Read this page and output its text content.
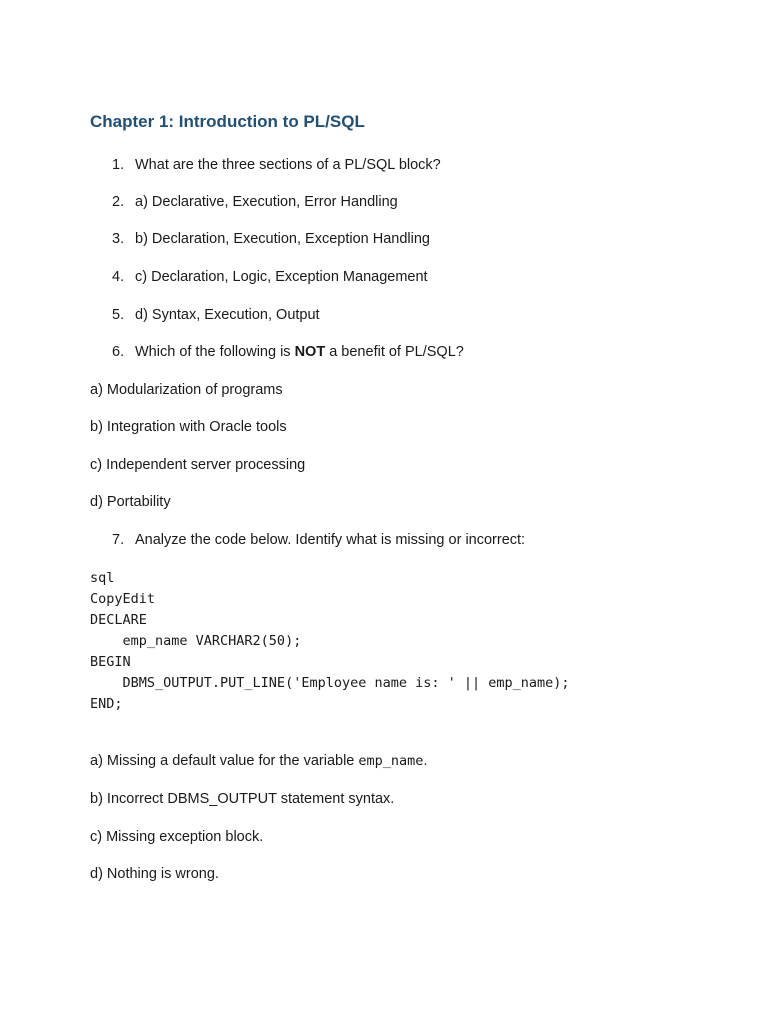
Chapter 1: Introduction to PL/SQL
1. What are the three sections of a PL/SQL block?
2. a) Declarative, Execution, Error Handling
3. b) Declaration, Execution, Exception Handling
4. c) Declaration, Logic, Exception Management
5. d) Syntax, Execution, Output
6. Which of the following is NOT a benefit of PL/SQL?

a) Modularization of programs

b) Integration with Oracle tools

c) Independent server processing

d) Portability

7. Analyze the code below. Identify what is missing or incorrect:
sql
CopyEdit
DECLARE
emp_name VARCHAR2(50);
BEGIN
DBMS_OUTPUT.PUT_LINE('Employee name is: ' || emp_name);
END;

a) Missing a default value for the variable emp_name.

b) Incorrect DBMS_OUTPUT statement syntax.

c) Missing exception block.

d) Nothing is wrong.
